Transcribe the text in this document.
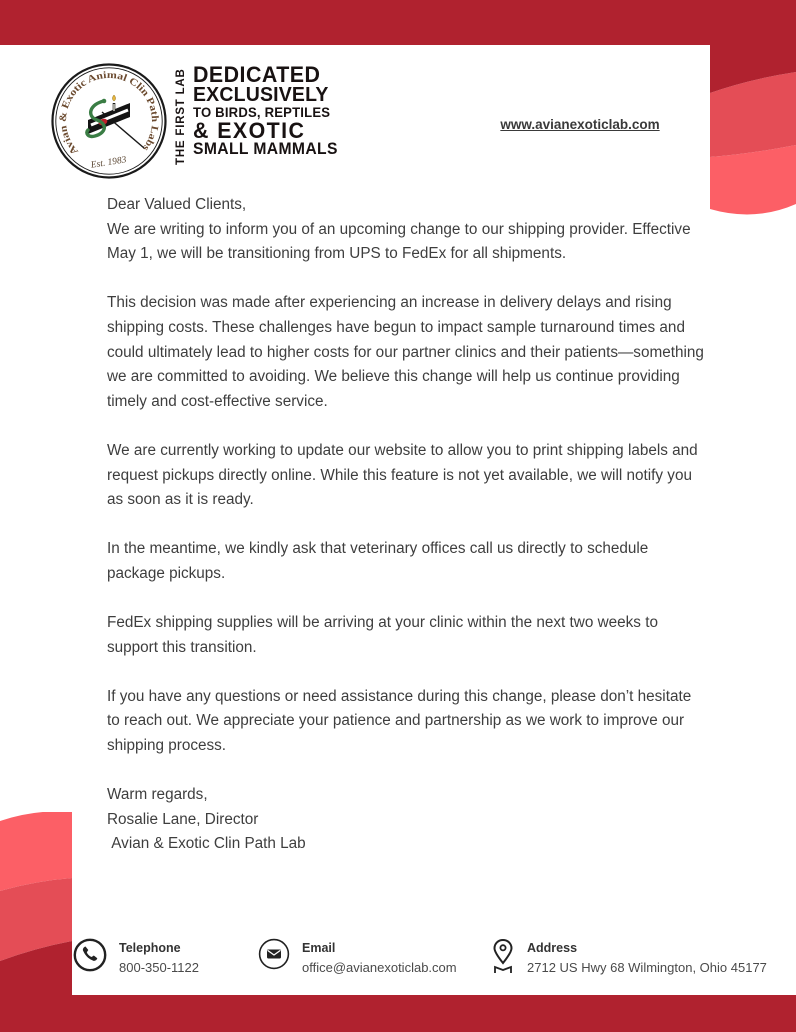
Avian & Exotic Animal Clin Path Labs
Est. 1983	THE FIRST LAB DEDICATED
EXCLUSIVELY
TO BIRDS, REPTILES
& EXOTIC
SMALL MAMMALS
www.avianexoticlab.com
Dear Valued Clients,

We are writing to inform you of an upcoming change to our shipping provider. Effective May 1, we will be transitioning from UPS to FedEx for all shipments.

This decision was made after experiencing an increase in delivery delays and rising shipping costs. These challenges have begun to impact sample turnaround times and could ultimately lead to higher costs for our partner clinics and their patients—something we are committed to avoiding. We believe this change will help us continue providing timely and cost-effective service.

We are currently working to update our website to allow you to print shipping labels and request pickups directly online. While this feature is not yet available, we will notify you as soon as it is ready.

In the meantime, we kindly ask that veterinary offices call us directly to schedule package pickups.

FedEx shipping supplies will be arriving at your clinic within the next two weeks to support this transition.

If you have any questions or need assistance during this change, please don’t hesitate to reach out. We appreciate your patience and partnership as we work to improve our shipping process.

Warm regards,
Rosalie Lane, Director
Avian & Exotic Clin Path Lab
Telephone
800-350-1122
Email
office@avianexoticlab.com
Address
2712 US Hwy 68 Wilmington, Ohio 45177
